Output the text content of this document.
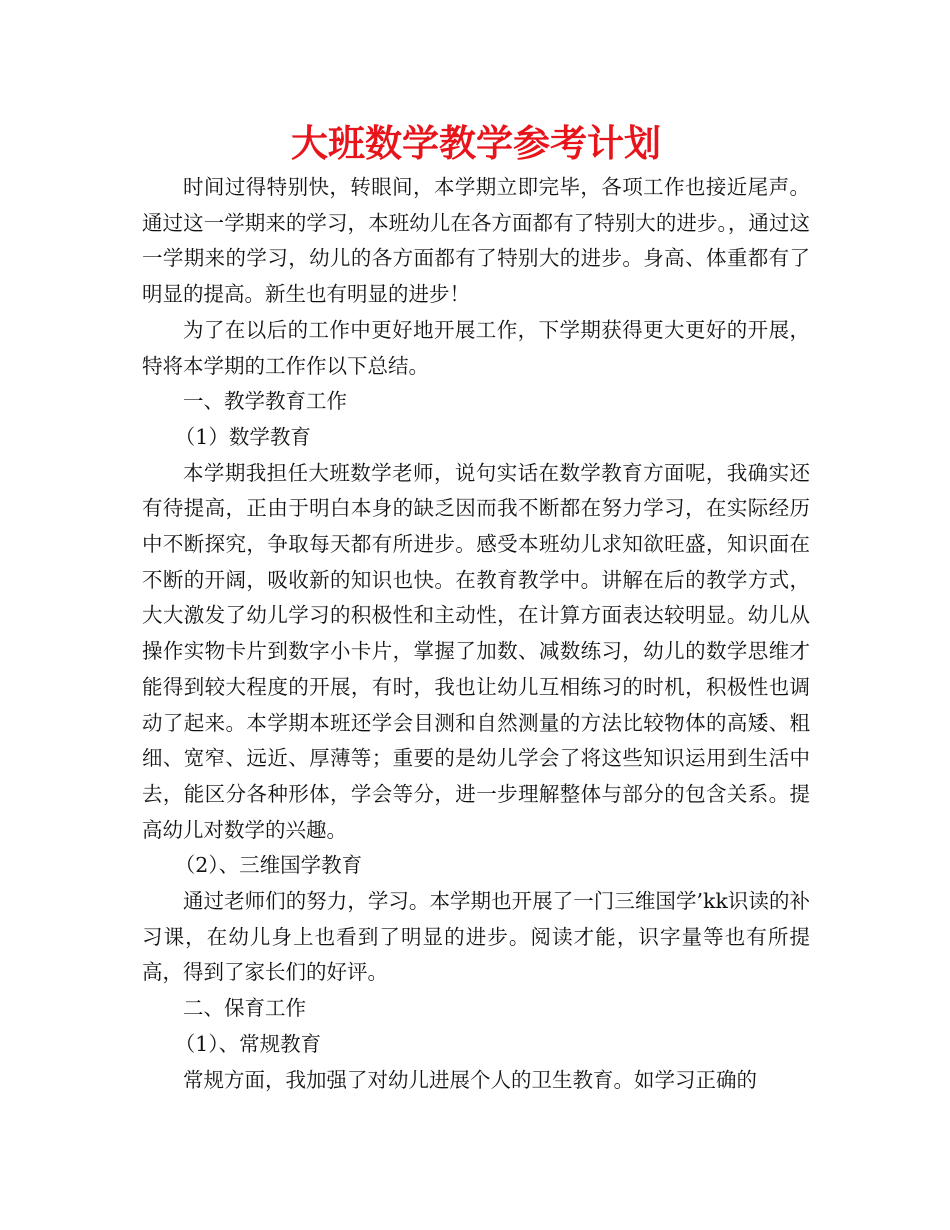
大班数学教学参考计划

时间过得特别快，转眼间，本学期立即完毕，各项工作也接近尾声。通过这一学期来的学习，本班幼儿在各方面都有了特别大的进步。，通过这一学期来的学习，幼儿的各方面都有了特别大的进步。身高、体重都有了明显的提高。新生也有明显的进步！

为了在以后的工作中更好地开展工作，下学期获得更大更好的开展，特将本学期的工作作以下总结。

一、教学教育工作

（1）数学教育

本学期我担任大班数学老师，说句实话在数学教育方面呢，我确实还有待提高，正由于明白本身的缺乏因而我不断都在努力学习，在实际经历中不断探究，争取每天都有所进步。感受本班幼儿求知欲旺盛，知识面在不断的开阔，吸收新的知识也快。在教育教学中。讲解在后的教学方式，大大激发了幼儿学习的积极性和主动性，在计算方面表达较明显。幼儿从操作实物卡片到数字小卡片，掌握了加数、减数练习，幼儿的数学思维才能得到较大程度的开展，有时，我也让幼儿互相练习的时机，积极性也调动了起来。本学期本班还学会目测和自然测量的方法比较物体的高矮、粗细、宽窄、远近、厚薄等；重要的是幼儿学会了将这些知识运用到生活中去，能区分各种形体，学会等分，进一步理解整体与部分的包含关系。提高幼儿对数学的兴趣。

（2）、三维国学教育

通过老师们的努力，学习。本学期也开展了一门三维国学’kk识读的补习课，在幼儿身上也看到了明显的进步。阅读才能，识字量等也有所提高，得到了家长们的好评。

二、保育工作

（1）、常规教育

常规方面，我加强了对幼儿进展个人的卫生教育。如学习正确的
